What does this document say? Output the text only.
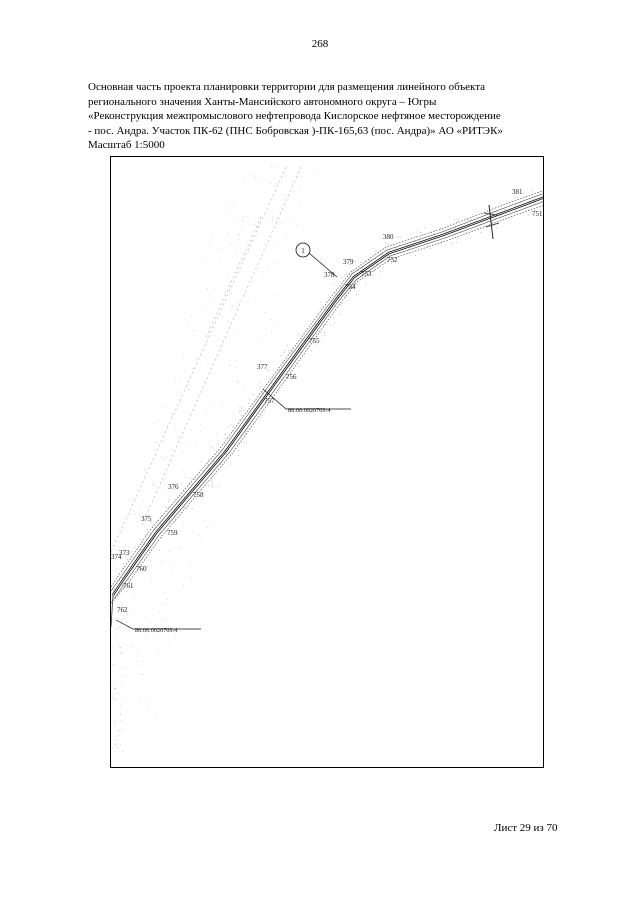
268
Основная часть проекта планировки территории для размещения линейного объекта
регионального значения Ханты-Мансийского автономного округа – Югры
«Реконструкция межпромыслового нефтепровода Кислорское нефтяное месторождение
- пос. Андра. Участок ПК-62 (ПНС Бобровская )-ПК-165,63 (пос. Андра)» АО «РИТЭК»
Масштаб 1:5000
1
86:06:0020709:4
86:06:0020709:4
381
380
379
378
377
376
375
374
373
751
752
753
754
755
756
757
758
759
760
761
762
Лист 29 из 70
